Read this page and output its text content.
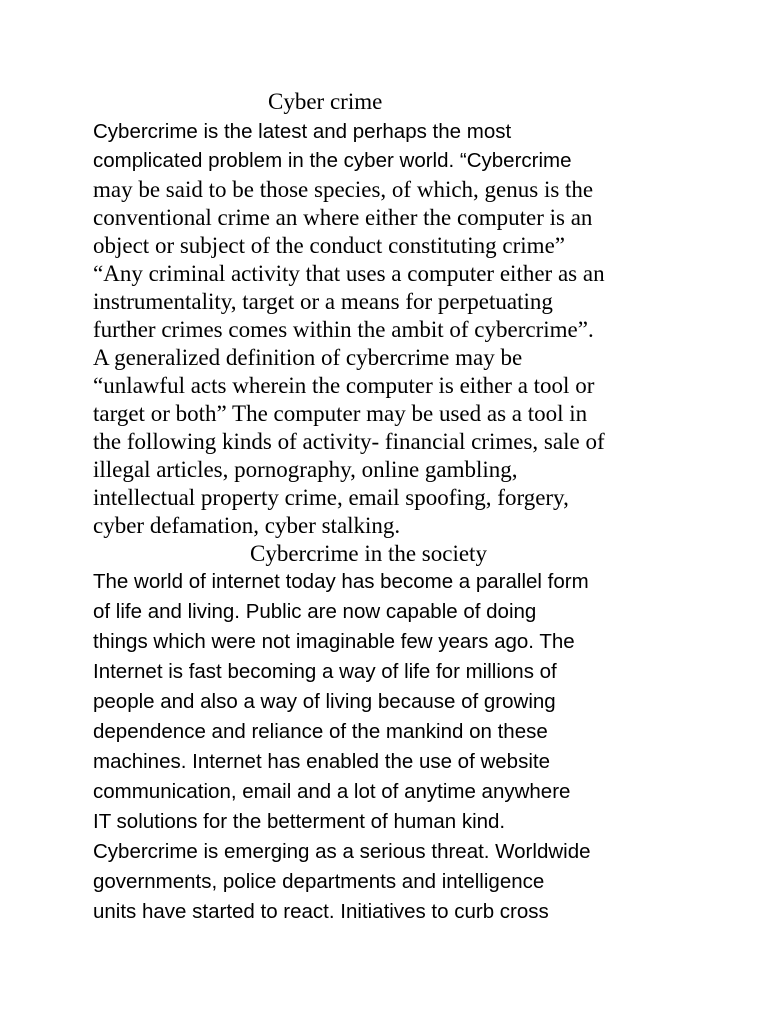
Cyber crime
Cybercrime is the latest and perhaps the most
complicated problem in the cyber world. “Cybercrime
may be said to be those species, of which, genus is the
conventional crime an where either the computer is an
object or subject of the conduct constituting crime”
“Any criminal activity that uses a computer either as an
instrumentality, target or a means for perpetuating
further crimes comes within the ambit of cybercrime”.
A generalized definition of cybercrime may be
“unlawful acts wherein the computer is either a tool or
target or both” The computer may be used as a tool in
the following kinds of activity- financial crimes, sale of
illegal articles, pornography, online gambling,
intellectual property crime, email spoofing, forgery,
cyber defamation, cyber stalking.
Cybercrime in the society
The world of internet today has become a parallel form
of life and living. Public are now capable of doing
things which were not imaginable few years ago. The
Internet is fast becoming a way of life for millions of
people and also a way of living because of growing
dependence and reliance of the mankind on these
machines. Internet has enabled the use of website
communication, email and a lot of anytime anywhere
IT solutions for the betterment of human kind.
Cybercrime is emerging as a serious threat. Worldwide
governments, police departments and intelligence
units have started to react. Initiatives to curb cross
